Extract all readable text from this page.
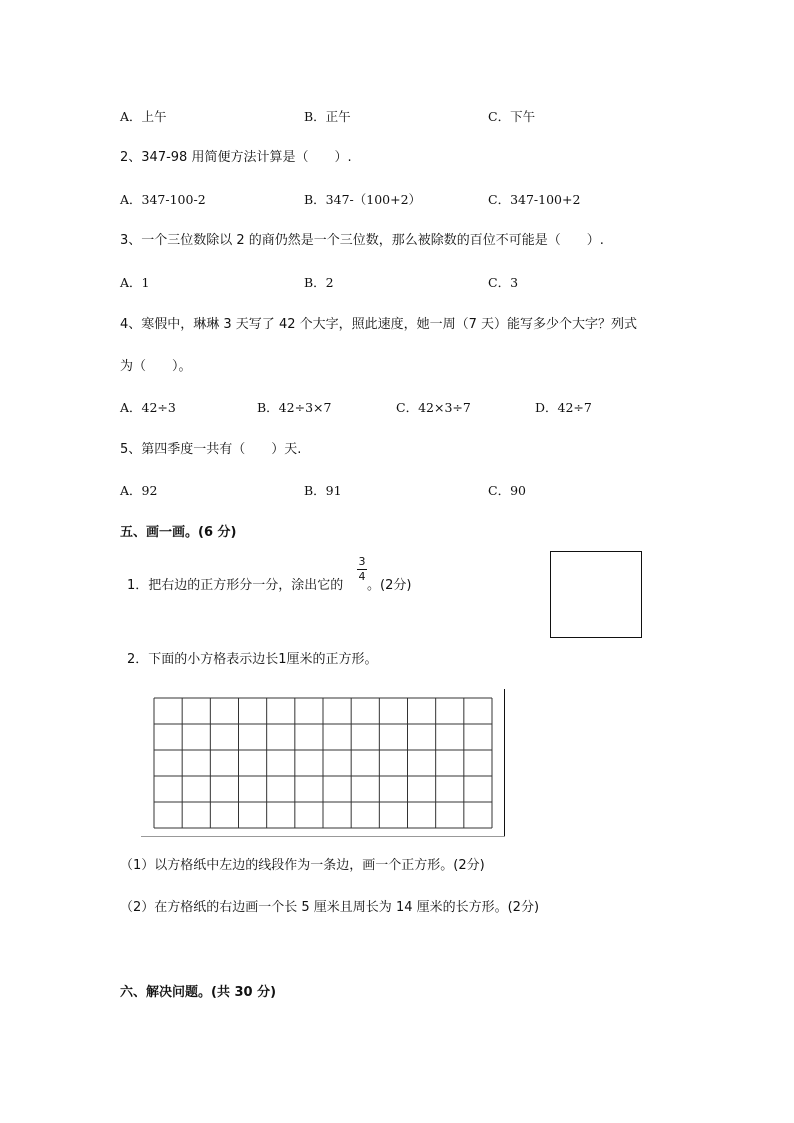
A．上午	B．正午	C．下午
2、347-98 用简便方法计算是（　　）.
A．347-100-2	B．347-（100+2）	C．347-100+2
3、一个三位数除以 2 的商仍然是一个三位数，那么被除数的百位不可能是（　　）.
A．1	B．2	C．3
4、寒假中，琳琳 3 天写了 42 个大字，照此速度，她一周（7 天）能写多少个大字？列式
为（　　）。
A．42÷3	B．42÷3×7	C．42×3÷7	D．42÷7
5、第四季度一共有（　　）天.
A．92	B．91	C．90
五、画一画。(6 分)
1．把右边的正方形分一分，涂出它的
3
4
。(2分)
2．下面的小方格表示边长1厘米的正方形。
（1）以方格纸中左边的线段作为一条边，画一个正方形。(2分)
（2）在方格纸的右边画一个长 5 厘米且周长为 14 厘米的长方形。(2分)
六、解决问题。(共 30 分)
